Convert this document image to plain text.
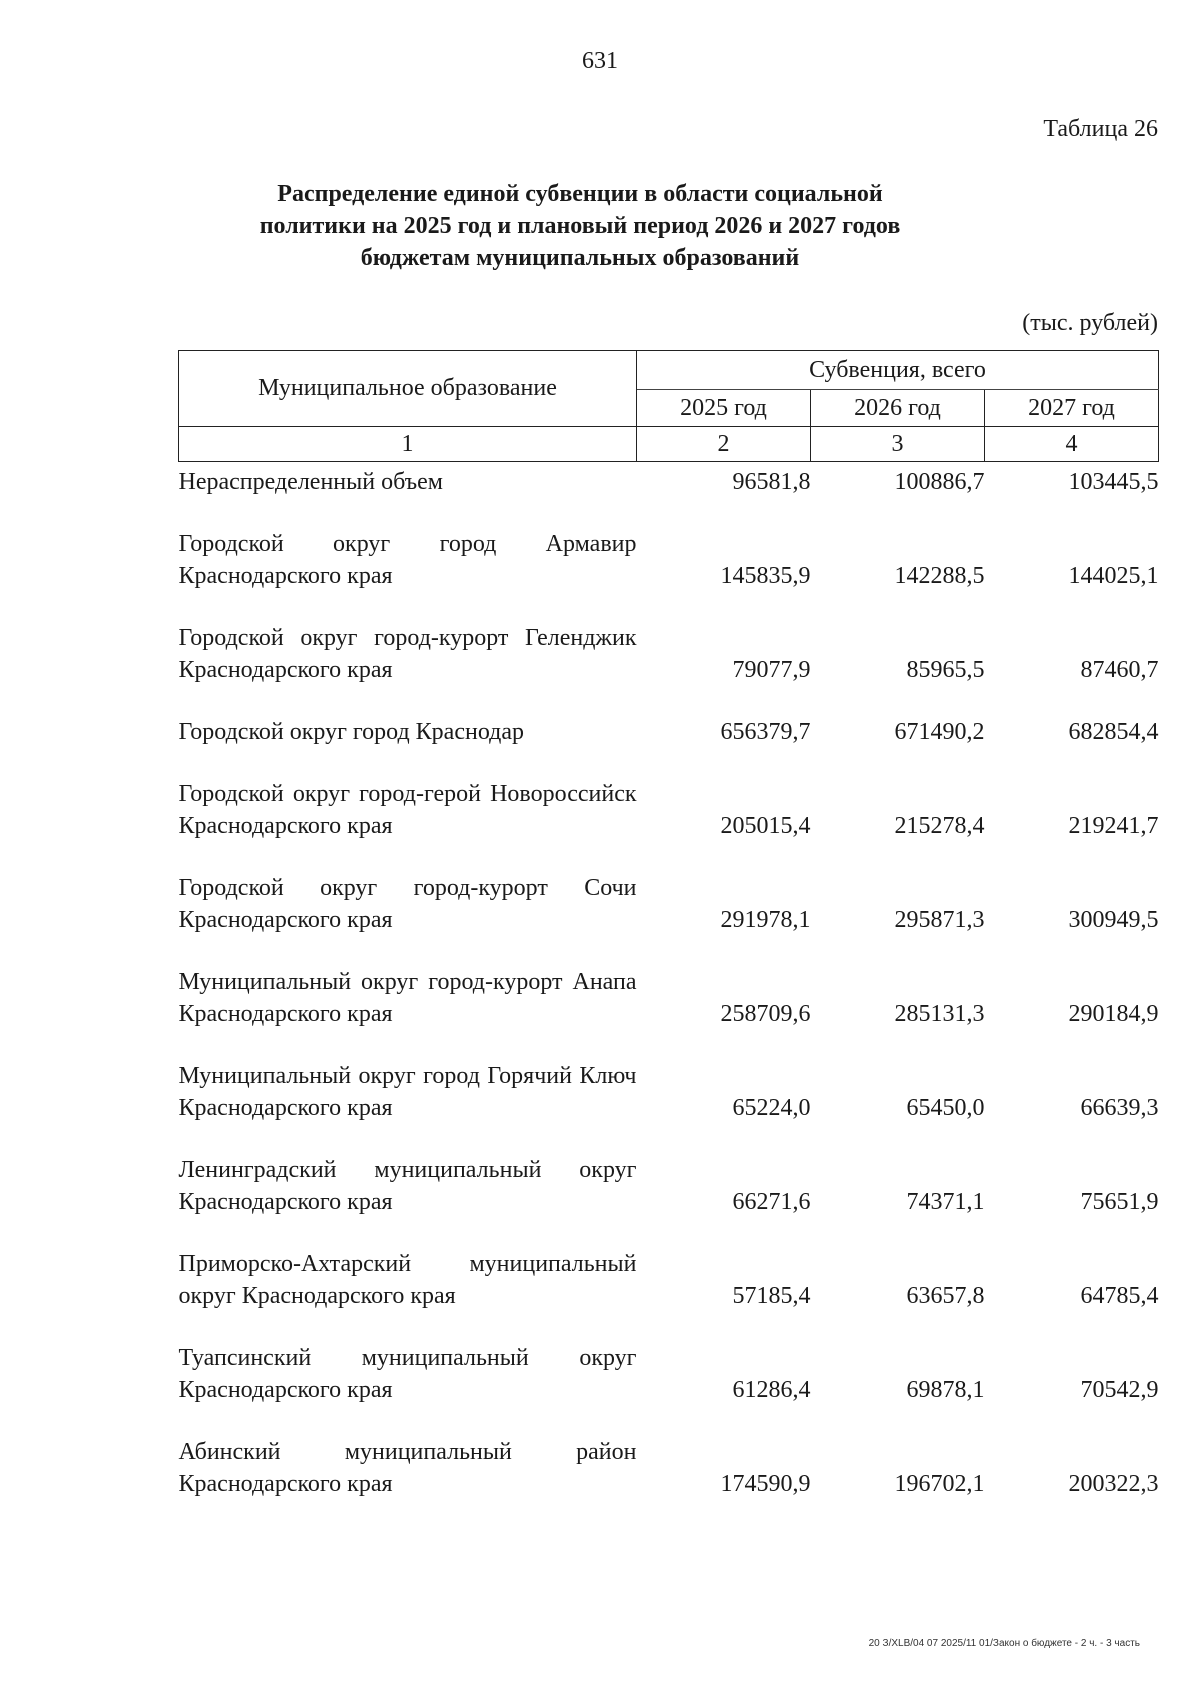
631
Таблица 26
Распределение единой субвенции в области социальной
политики на 2025 год и плановый период 2026 и 2027 годов
бюджетам муниципальных образований
(тыс. рублей)
Муниципальное образование	Субвенция, всего		
	2025 год	2026 год	2027 год
1	2	3	4
Нераспределенный объем	96581,8	100886,7	103445,5
Городской округ город Армавир Краснодарского края	145835,9	142288,5	144025,1
Городской округ город-курорт Геленджик Краснодарского края	79077,9	85965,5	87460,7
Городской округ город Краснодар	656379,7	671490,2	682854,4
Городской округ город-герой Новороссийск Краснодарского края	205015,4	215278,4	219241,7
Городской округ город-курорт Сочи Краснодарского края	291978,1	295871,3	300949,5
Муниципальный округ город-курорт Анапа Краснодарского края	258709,6	285131,3	290184,9
Муниципальный округ город Горячий Ключ Краснодарского края	65224,0	65450,0	66639,3
Ленинградский муниципальный округ Краснодарского края	66271,6	74371,1	75651,9
Приморско-Ахтарский муниципальный округ Краснодарского края	57185,4	63657,8	64785,4
Туапсинский муниципальный округ Краснодарского края	61286,4	69878,1	70542,9
Абинский муниципальный район Краснодарского края	174590,9	196702,1	200322,3
20 З/XLB/04 07 2025/11 01/Закон о бюджете - 2 ч. - 3 часть
